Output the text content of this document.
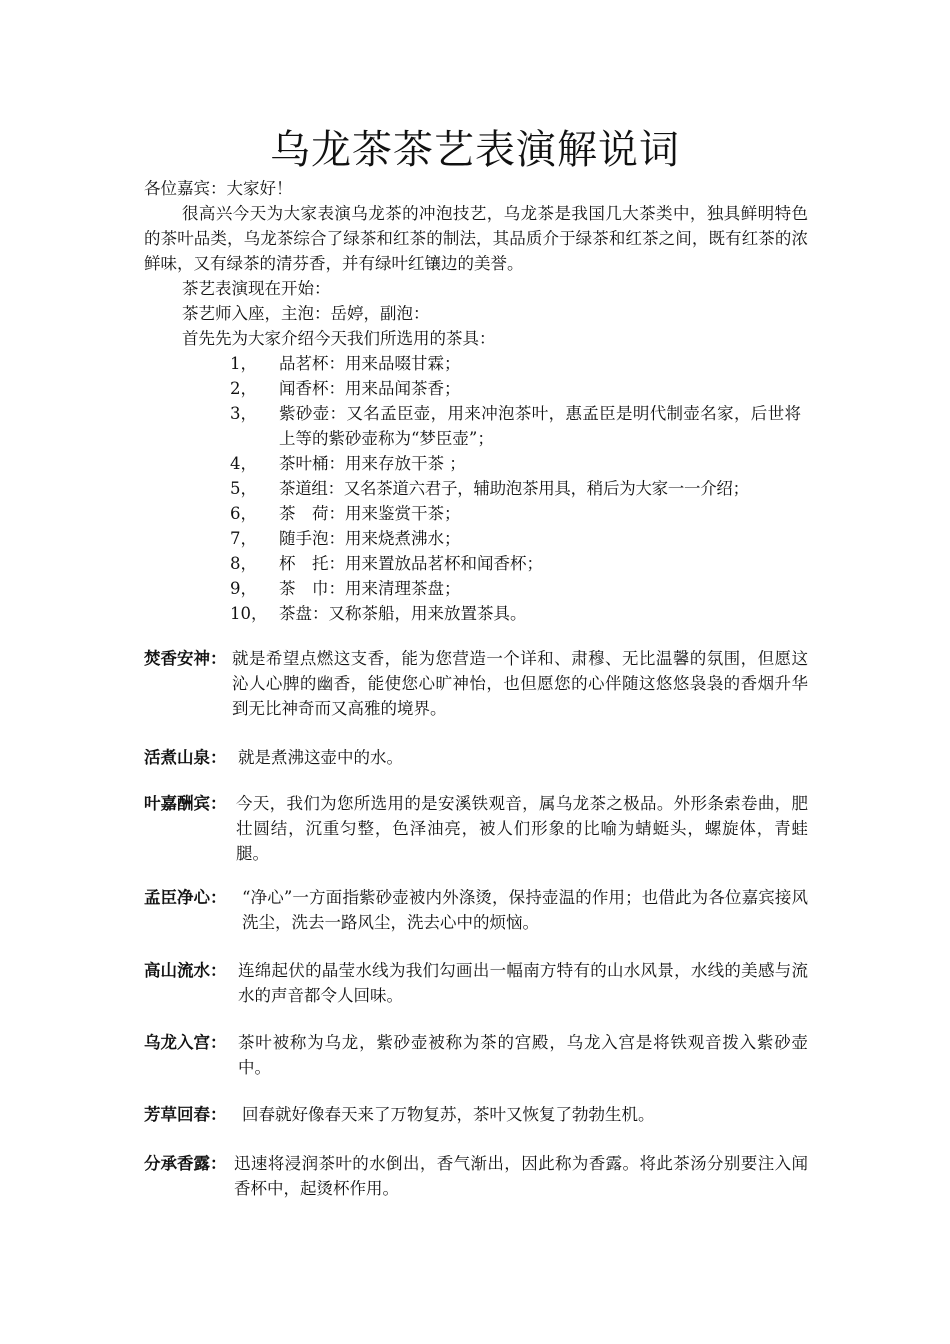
乌龙茶茶艺表演解说词
各位嘉宾：大家好！
很高兴今天为大家表演乌龙茶的冲泡技艺，乌龙茶是我国几大茶类中，独具鲜明特色的茶叶品类，乌龙茶综合了绿茶和红茶的制法，其品质介于绿茶和红茶之间，既有红茶的浓鲜味，又有绿茶的清芬香，并有绿叶红镶边的美誉。
茶艺表演现在开始：
茶艺师入座，主泡：岳婷，副泡：
首先先为大家介绍今天我们所选用的茶具：
1， 品茗杯：用来品啜甘霖；
2， 闻香杯：用来品闻茶香；
3， 紫砂壶：又名孟臣壶，用来冲泡茶叶，惠孟臣是明代制壶名家，后世将上等的紫砂壶称为“梦臣壶”；
4， 茶叶桶：用来存放干茶 ；
5， 茶道组：又名茶道六君子，辅助泡茶用具，稍后为大家一一介绍；
6， 茶　荷：用来鉴赏干茶；
7， 随手泡：用来烧煮沸水；
8， 杯　托：用来置放品茗杯和闻香杯；
9， 茶　巾：用来清理茶盘；
10， 茶盘：又称茶船，用来放置茶具。
焚香安神： 就是希望点燃这支香，能为您营造一个详和、肃穆、无比温馨的氛围，但愿这沁人心脾的幽香，能使您心旷神怡，也但愿您的心伴随这悠悠袅袅的香烟升华到无比神奇而又高雅的境界。
活煮山泉： 就是煮沸这壶中的水。
叶嘉酬宾： 今天，我们为您所选用的是安溪铁观音，属乌龙茶之极品。外形条索卷曲，肥壮圆结，沉重匀整，色泽油亮，被人们形象的比喻为蜻蜓头，螺旋体，青蛙腿。
孟臣净心： “净心”一方面指紫砂壶被内外涤烫，保持壶温的作用；也借此为各位嘉宾接风洗尘，洗去一路风尘，洗去心中的烦恼。
高山流水： 连绵起伏的晶莹水线为我们勾画出一幅南方特有的山水风景，水线的美感与流水的声音都令人回味。
乌龙入宫： 茶叶被称为乌龙，紫砂壶被称为茶的宫殿，乌龙入宫是将铁观音拨入紫砂壶中。
芳草回春： 回春就好像春天来了万物复苏，茶叶又恢复了勃勃生机。
分承香露： 迅速将浸润茶叶的水倒出，香气渐出，因此称为香露。将此茶汤分别要注入闻香杯中，起烫杯作用。
